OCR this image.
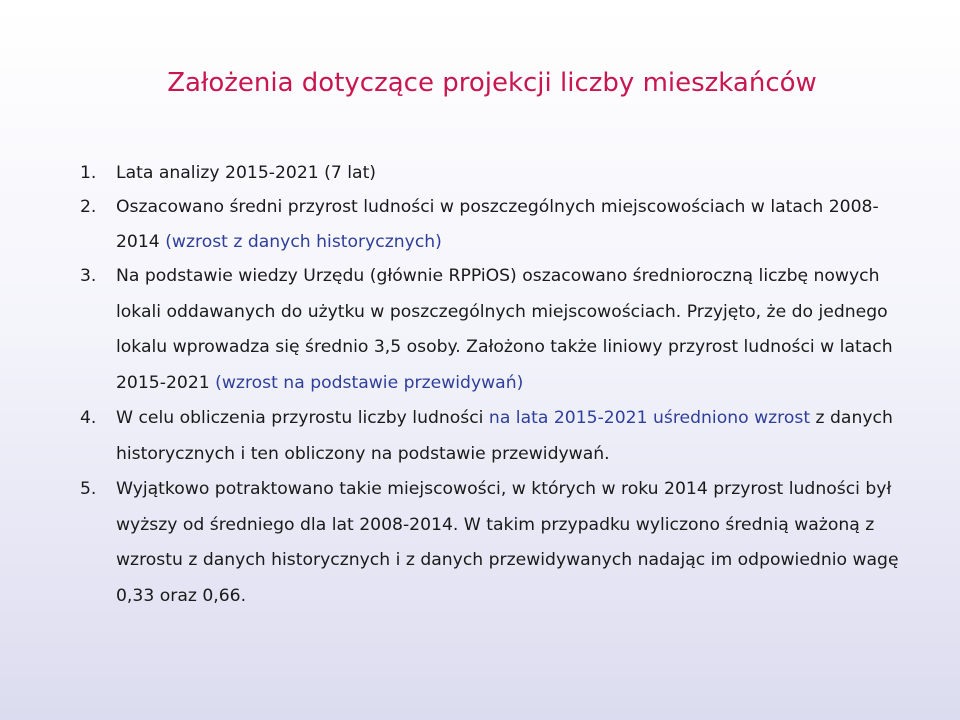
Założenia dotyczące projekcji liczby mieszkańców
1.	Lata analizy 2015-2021 (7 lat)
2.	Oszacowano średni przyrost ludności w poszczególnych miejscowościach w latach 2008-2014 (wzrost z danych historycznych)
3.	Na podstawie wiedzy Urzędu (głównie RPPiOS) oszacowano średnioroczną liczbę nowych lokali oddawanych do użytku w poszczególnych miejscowościach. Przyjęto, że do jednego lokalu wprowadza się średnio 3,5 osoby. Założono także liniowy przyrost ludności w latach 2015-2021 (wzrost na podstawie przewidywań)
4.	W celu obliczenia przyrostu liczby ludności na lata 2015-2021 uśredniono wzrost z danych historycznych i ten obliczony na podstawie przewidywań.
5.	Wyjątkowo potraktowano takie miejscowości, w których w roku 2014 przyrost ludności był wyższy od średniego dla lat 2008-2014. W takim przypadku wyliczono średnią ważoną z wzrostu z danych historycznych i z danych przewidywanych nadając im odpowiednio wagę 0,33 oraz 0,66.
